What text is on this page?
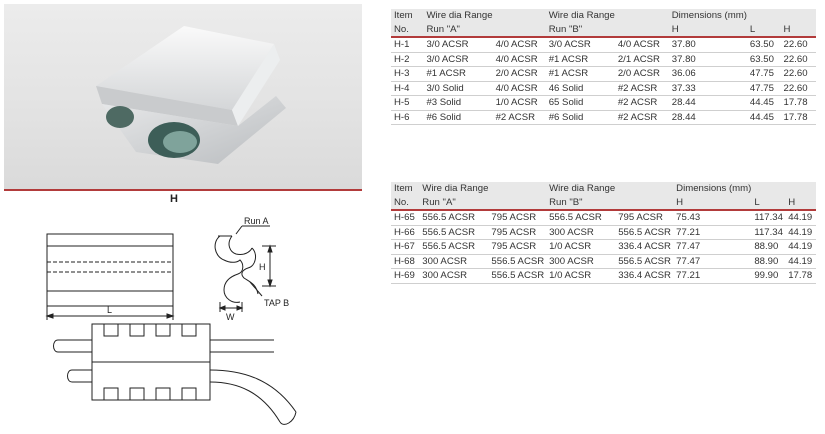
H
Run A
TAP B
H
L
W
Item	Wire dia Range		Wire dia Range		Dimensions (mm)		
No.	Run "A"		Run "B"		H	L	H
H-1	3/0 ACSR	4/0 ACSR	3/0 ACSR	4/0 ACSR	37.80	63.50	22.60
H-2	3/0 ACSR	4/0 ACSR	#1 ACSR	2/1 ACSR	37.80	63.50	22.60
H-3	#1 ACSR	2/0 ACSR	#1 ACSR	2/0 ACSR	36.06	47.75	22.60
H-4	3/0 Solid	4/0 ACSR	46 Solid	#2 ACSR	37.33	47.75	22.60
H-5	#3 Solid	1/0 ACSR	65 Solid	#2 ACSR	28.44	44.45	17.78
H-6	#6 Solid	#2 ACSR	#6 Solid	#2 ACSR	28.44	44.45	17.78
Item	Wire dia Range		Wire dia Range		Dimensions (mm)		
No.	Run "A"		Run "B"		H	L	H
H-65	556.5 ACSR	795 ACSR	556.5 ACSR	795 ACSR	75.43	117.34	44.19
H-66	556.5 ACSR	795 ACSR	300 ACSR	556.5 ACSR	77.21	117.34	44.19
H-67	556.5 ACSR	795 ACSR	1/0 ACSR	336.4 ACSR	77.47	88.90	44.19
H-68	300 ACSR	556.5 ACSR	300 ACSR	556.5 ACSR	77.47	88.90	44.19
H-69	300 ACSR	556.5 ACSR	1/0 ACSR	336.4 ACSR	77.21	99.90	17.78
